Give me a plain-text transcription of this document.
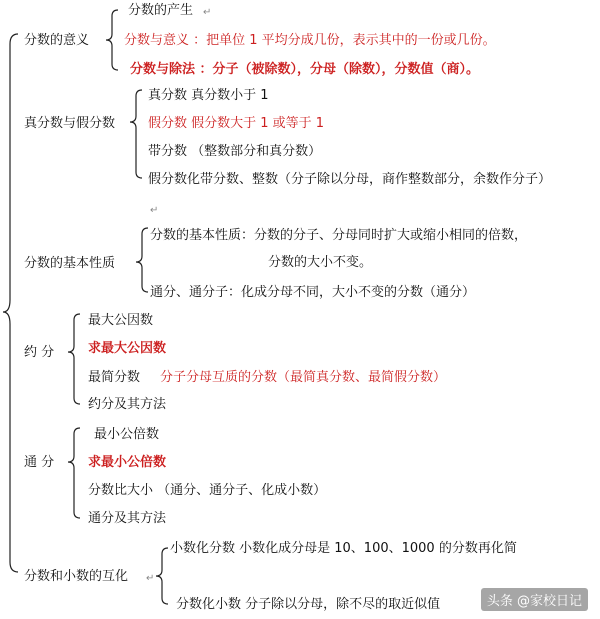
分数的意义
分数的产生
分数与意义 ：把单位 1 平均分成几份，表示其中的一份或几份。
分数与除法 ：分子（被除数），分母（除数），分数值（商）。
真分数与假分数
真分数 真分数小于 1
假分数 假分数大于 1 或等于 1
带分数 （整数部分和真分数）
假分数化带分数、整数（分子除以分母，商作整数部分，余数作分子）
分数的基本性质
分数的基本性质：分数的分子、分母同时扩大或缩小相同的倍数，
分数的大小不变。
通分、通分子：化成分母不同，大小不变的分数（通分）
约 分
最大公因数
求最大公因数
最简分数 分子分母互质的分数（最简真分数、最简假分数）
约分及其方法
通 分
最小公倍数
求最小公倍数
分数比大小 （通分、通分子、化成小数）
通分及其方法
分数和小数的互化
小数化分数 小数化成分母是 10、100、1000 的分数再化简
分数化小数 分子除以分母，除不尽的取近似值
↵
↵
↵
头条 @家校日记
